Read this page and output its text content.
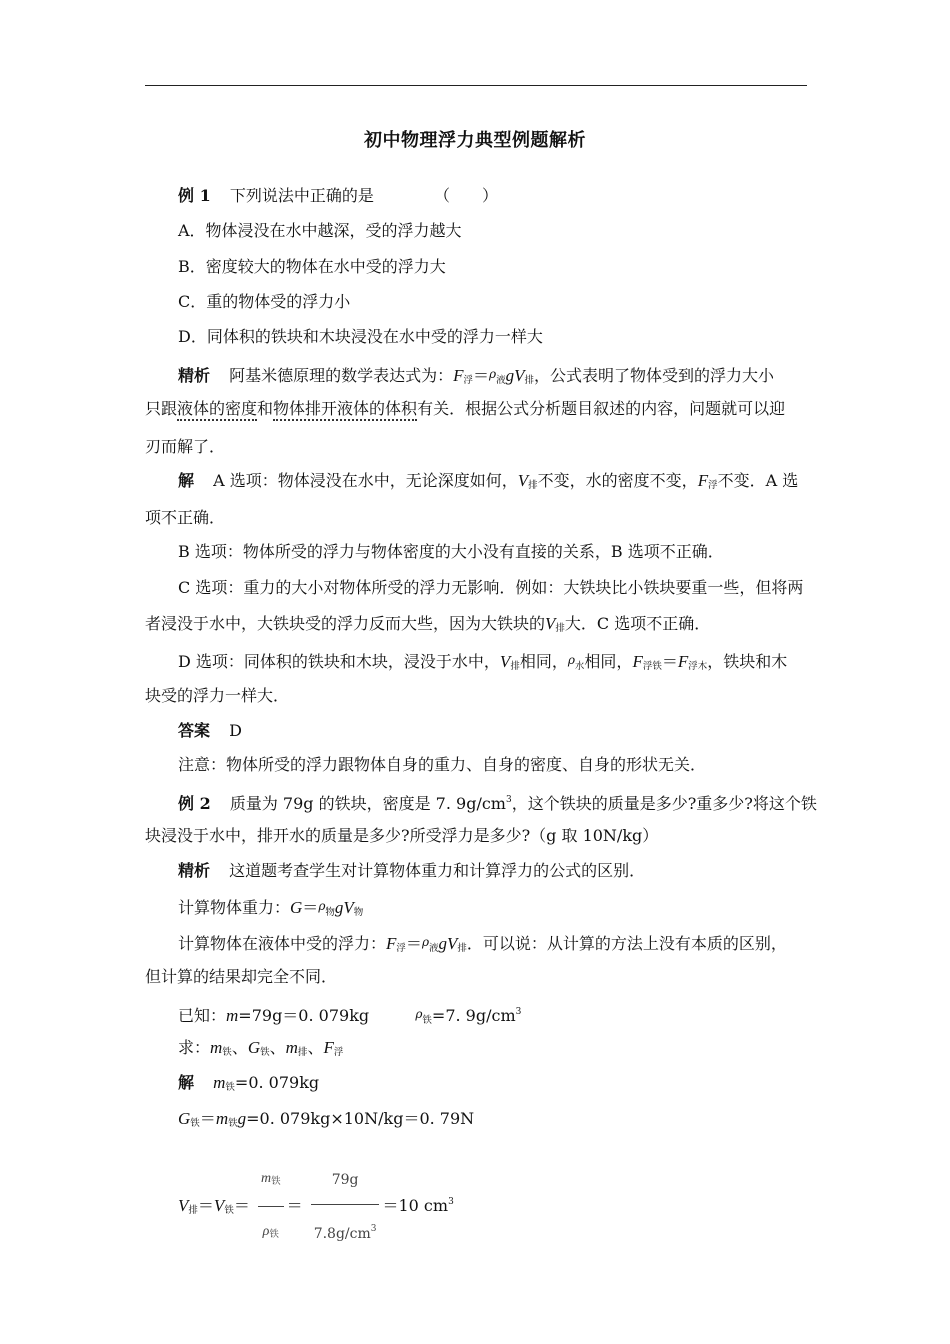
初中物理浮力典型例题解析
例 1 下列说法中正确的是	（　　）
A．物体浸没在水中越深，受的浮力越大
B．密度较大的物体在水中受的浮力大
C．重的物体受的浮力小
D．同体积的铁块和木块浸没在水中受的浮力一样大
精析 阿基米德原理的数学表达式为：$F_浮=\rho_液gV_排$，公式表明了物体受到的浮力大小
只跟液体的密度和物体排开液体的体积有关．根据公式分析题目叙述的内容，问题就可以迎
刃而解了．
解 A 选项：物体浸没在水中，无论深度如何，$V_排$不变，水的密度不变，$F_浮$不变．A 选
项不正确．
B 选项：物体所受的浮力与物体密度的大小没有直接的关系，B 选项不正确．
C 选项：重力的大小对物体所受的浮力无影响．例如：大铁块比小铁块要重一些，但将两
者浸没于水中，大铁块受的浮力反而大些，因为大铁块的$V_排$大．C 选项不正确．
D 选项：同体积的铁块和木块，浸没于水中，$V_排$相同，$\rho_水$相同，$F_{浮铁}=F_{浮木}$，铁块和木
块受的浮力一样大．
答案 D
注意：物体所受的浮力跟物体自身的重力、自身的密度、自身的形状无关．
例 2 质量为 79g 的铁块，密度是 7. $9g/cm^3$，这个铁块的质量是多少?重多少?将这个铁
块浸没于水中，排开水的质量是多少?所受浮力是多少?（g 取 10N/kg）
精析 这道题考查学生对计算物体重力和计算浮力的公式的区别．
计算物体重力：$G=\rho_物gV_物$
计算物体在液体中受的浮力：$F_浮=\rho_液gV_排$．可以说：从计算的方法上没有本质的区别，
但计算的结果却完全不同．
已知：m=79g＝0. 079kg	$\rho_铁=7$. $9g/cm^3$
求：$m_铁$、$G_铁$、$m_排$、$F_浮$
解 $m_铁=0$. 079kg
$G_铁=m_铁g=0$. 079kg×10N/kg＝0. 79N
$V_排=V_铁= \frac{m_铁}{\rho_铁} = \frac{79g}{7.8g/cm^3} =10$ $cm^3$
